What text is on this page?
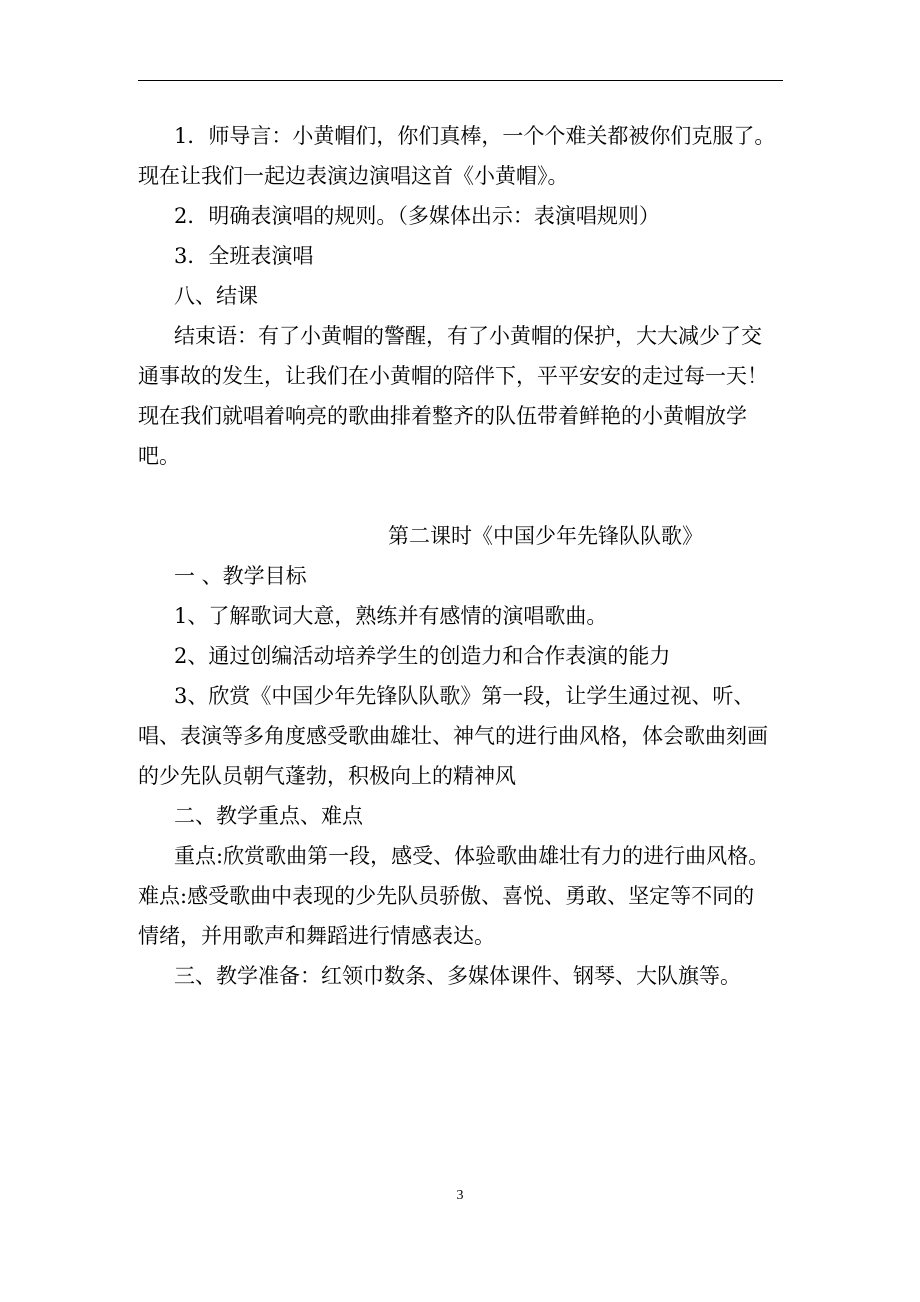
1．师导言：小黄帽们，你们真棒，一个个难关都被你们克服了。
现在让我们一起边表演边演唱这首《小黄帽》。
2．明确表演唱的规则。（多媒体出示：表演唱规则）
3．全班表演唱
八、结课
结束语：有了小黄帽的警醒，有了小黄帽的保护，大大减少了交
通事故的发生，让我们在小黄帽的陪伴下，平平安安的走过每一天！
现在我们就唱着响亮的歌曲排着整齐的队伍带着鲜艳的小黄帽放学
吧。
第二课时《中国少年先锋队队歌》
一 、教学目标
1、了解歌词大意，熟练并有感情的演唱歌曲。
2、通过创编活动培养学生的创造力和合作表演的能力
3、欣赏《中国少年先锋队队歌》第一段，让学生通过视、听、
唱、表演等多角度感受歌曲雄壮、神气的进行曲风格，体会歌曲刻画
的少先队员朝气蓬勃，积极向上的精神风
二、教学重点、难点
重点:欣赏歌曲第一段，感受、体验歌曲雄壮有力的进行曲风格。
难点:感受歌曲中表现的少先队员骄傲、喜悦、勇敢、坚定等不同的
情绪，并用歌声和舞蹈进行情感表达。
三、教学准备：红领巾数条、多媒体课件、钢琴、大队旗等。
3
